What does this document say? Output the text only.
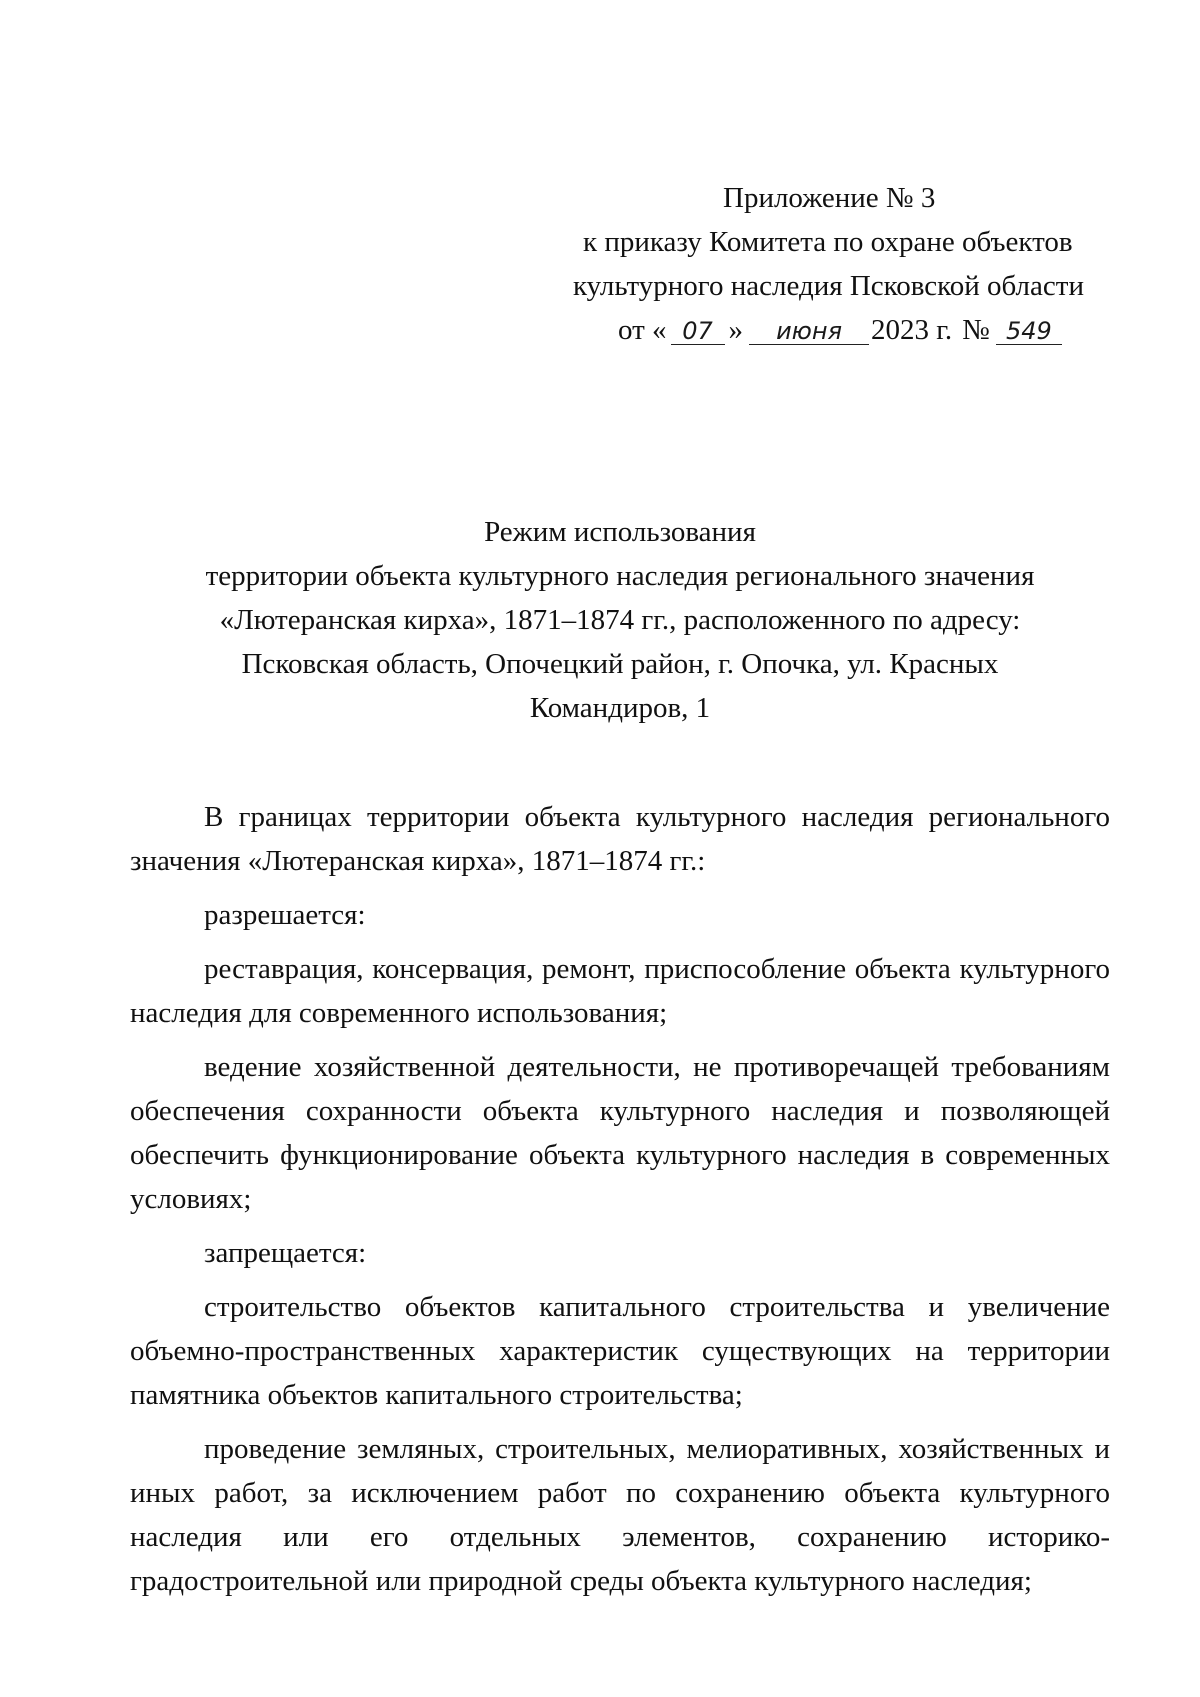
Приложение № 3
к приказу Комитета по охране объектов
культурного наследия Псковской области
от « 07 »	июня	2023 г. № 549
Режим использования
территории объекта культурного наследия регионального значения
«Лютеранская кирха», 1871–1874 гг., расположенного по адресу:
Псковская область, Опочецкий район, г. Опочка, ул. Красных
Командиров, 1

В границах территории объекта культурного наследия регионального значения «Лютеранская кирха», 1871–1874 гг.:

разрешается:

реставрация, консервация, ремонт, приспособление объекта культурного наследия для современного использования;

ведение хозяйственной деятельности, не противоречащей требованиям обеспечения сохранности объекта культурного наследия и позволяющей обеспечить функционирование объекта культурного наследия в современных условиях;

запрещается:

строительство объектов капитального строительства и увеличение объемно-пространственных характеристик существующих на территории памятника объектов капитального строительства;

проведение земляных, строительных, мелиоративных, хозяйственных и иных работ, за исключением работ по сохранению объекта культурного наследия или его отдельных элементов, сохранению историко-градостроительной или природной среды объекта культурного наследия;
